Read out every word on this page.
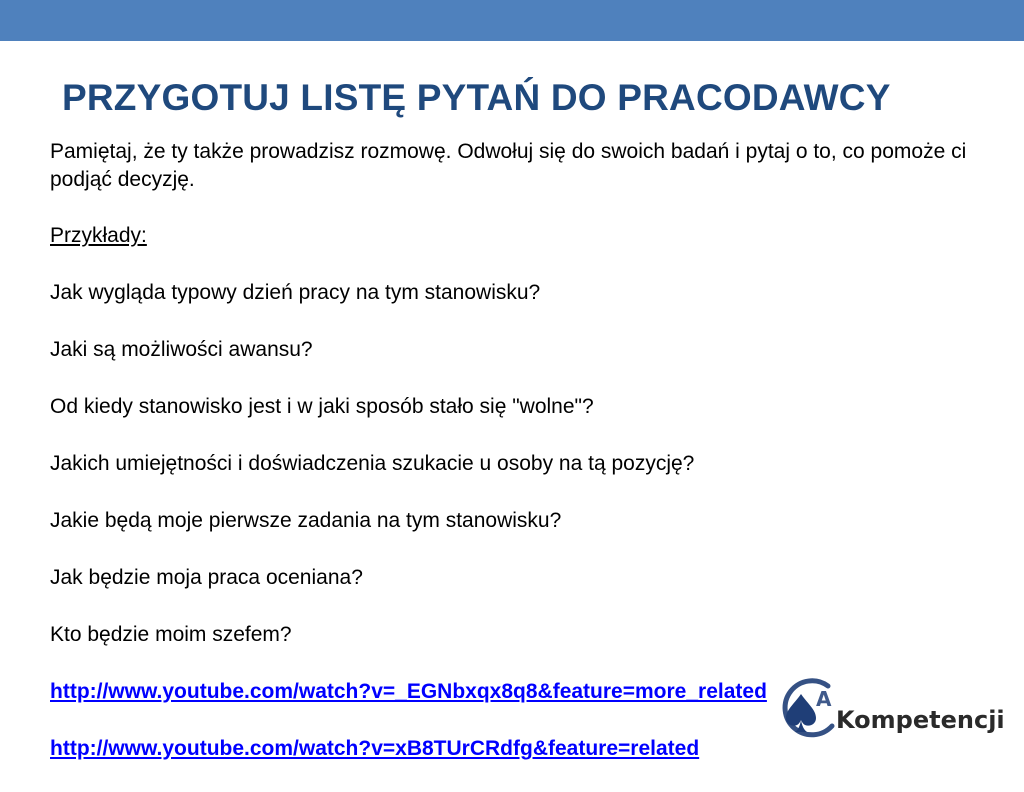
PRZYGOTUJ LISTĘ PYTAŃ DO PRACODAWCY

Pamiętaj, że ty także prowadzisz rozmowę. Odwołuj się do swoich badań i pytaj o to, co pomoże ci podjąć decyzję.

Przykłady:

Jak wygląda typowy dzień pracy na tym stanowisku?

Jaki są możliwości awansu?

Od kiedy stanowisko jest i w jaki sposób stało się "wolne"?

Jakich umiejętności i doświadczenia szukacie u osoby na tą pozycję?

Jakie będą moje pierwsze zadania na tym stanowisku?

Jak będzie moja praca oceniana?

Kto będzie moim szefem?

http://www.youtube.com/watch?v=_EGNbxqx8q8&feature=more_related
http://www.youtube.com/watch?v=xB8TUrCRdfg&feature=related
A
Kompetencji
